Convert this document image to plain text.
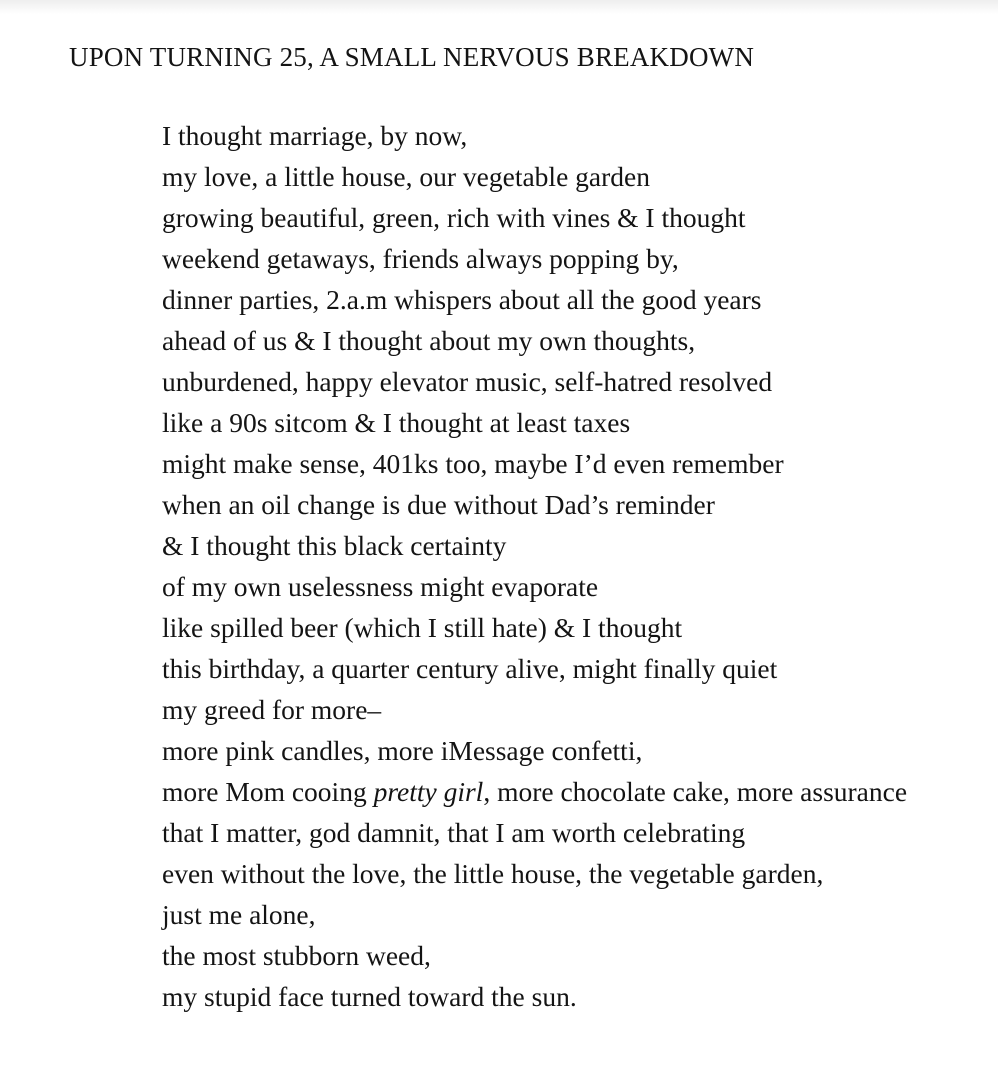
UPON TURNING 25, A SMALL NERVOUS BREAKDOWN
I thought marriage, by now,
my love, a little house, our vegetable garden
growing beautiful, green, rich with vines & I thought
weekend getaways, friends always popping by,
dinner parties, 2.a.m whispers about all the good years
ahead of us & I thought about my own thoughts,
unburdened, happy elevator music, self-hatred resolved
like a 90s sitcom & I thought at least taxes
might make sense, 401ks too, maybe I’d even remember
when an oil change is due without Dad’s reminder
& I thought this black certainty
of my own uselessness might evaporate
like spilled beer (which I still hate) & I thought
this birthday, a quarter century alive, might finally quiet
my greed for more–
more pink candles, more iMessage confetti,
more Mom cooing pretty girl, more chocolate cake, more assurance
that I matter, god damnit, that I am worth celebrating
even without the love, the little house, the vegetable garden,
just me alone,
the most stubborn weed,
my stupid face turned toward the sun.
